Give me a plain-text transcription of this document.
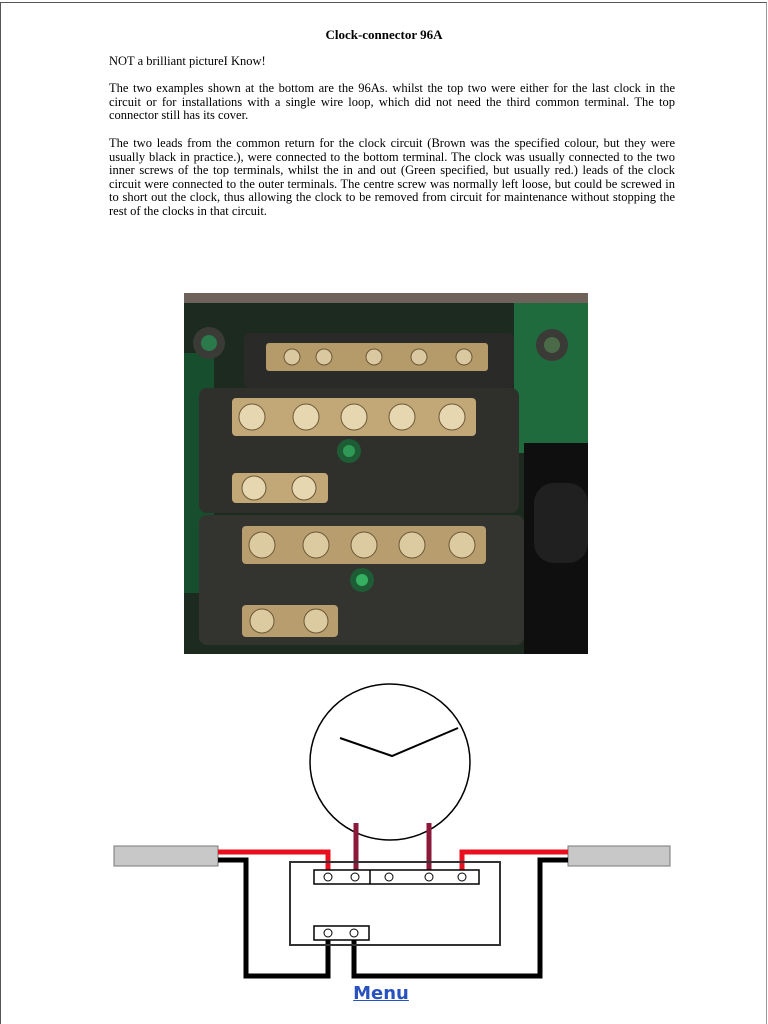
Clock-connector 96A

NOT a brilliant pictureI Know!

The two examples shown at the bottom are the 96As. whilst the top two were either for the last clock in the circuit or for installations with a single wire loop, which did not need the third common terminal. The top connector still has its cover.

The two leads from the common return for the clock circuit (Brown was the specified colour, but they were usually black in practice.), were connected to the bottom terminal. The clock was usually connected to the two inner screws of the top terminals, whilst the in and out (Green specified, but usually red.) leads of the clock circuit were connected to the outer terminals. The centre screw was normally left loose, but could be screwed in to short out the clock, thus allowing the clock to be removed from circuit for maintenance without stopping the rest of the clocks in that circuit.

Menu
